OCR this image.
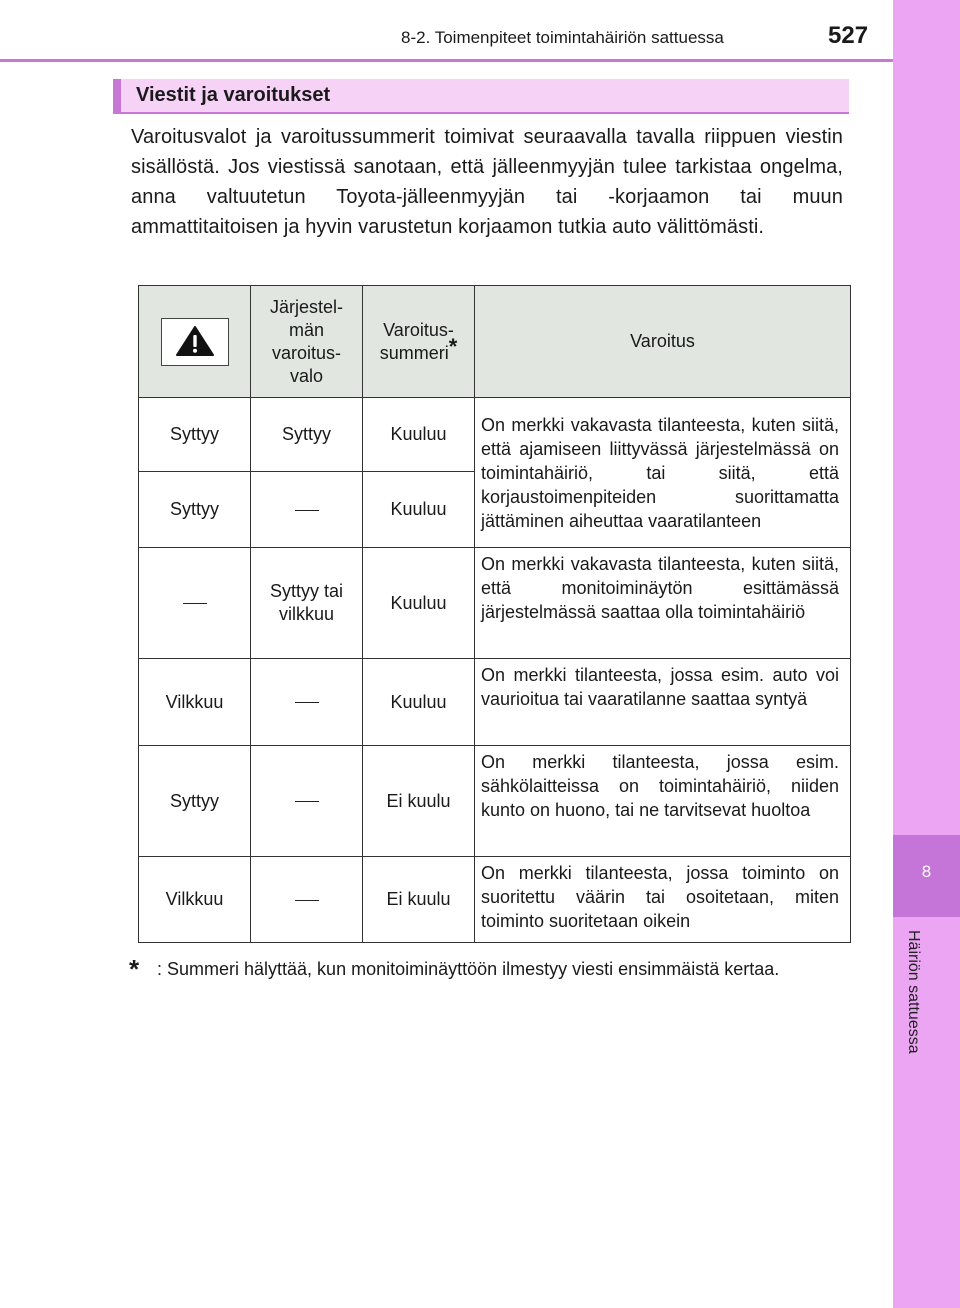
8-2. Toimenpiteet toimintahäiriön sattuessa	527
8
Häiriön sattuessa
Viestit ja varoitukset
Varoitusvalot ja varoitussummerit toimivat seuraavalla tavalla riippuen viestin sisällöstä. Jos viestissä sanotaan, että jälleenmyyjän tulee tarkistaa ongelma, anna valtuutetun Toyota-jälleenmyyjän tai -korjaamon tai muun ammattitaitoisen ja hyvin varustetun korjaamon tutkia auto välittömästi.
	Järjestel-
män
varoitus-
valo	Varoitus-
summeri*	Varoitus
Syttyy	Syttyy	Kuuluu	On merkki vakavasta tilanteesta, kuten siitä, että ajamiseen liittyvässä järjestelmässä on toimintahäiriö, tai siitä, että korjaustoimenpiteiden suorittamatta jättäminen aiheuttaa vaaratilanteen
Syttyy		Kuuluu	
	Syttyy tai vilkkuu	Kuuluu	On merkki vakavasta tilanteesta, kuten siitä, että monitoiminäytön esittämässä järjestelmässä saattaa olla toimintahäiriö
Vilkkuu		Kuuluu	On merkki tilanteesta, jossa esim. auto voi vaurioitua tai vaaratilanne saattaa syntyä
Syttyy		Ei kuulu	On merkki tilanteesta, jossa esim. sähkölaitteissa on toimintahäiriö, niiden kunto on huono, tai ne tarvitsevat huoltoa
Vilkkuu		Ei kuulu	On merkki tilanteesta, jossa toiminto on suoritettu väärin tai osoitetaan, miten toiminto suoritetaan oikein
* : Summeri hälyttää, kun monitoiminäyttöön ilmestyy viesti ensimmäistä kertaa.
